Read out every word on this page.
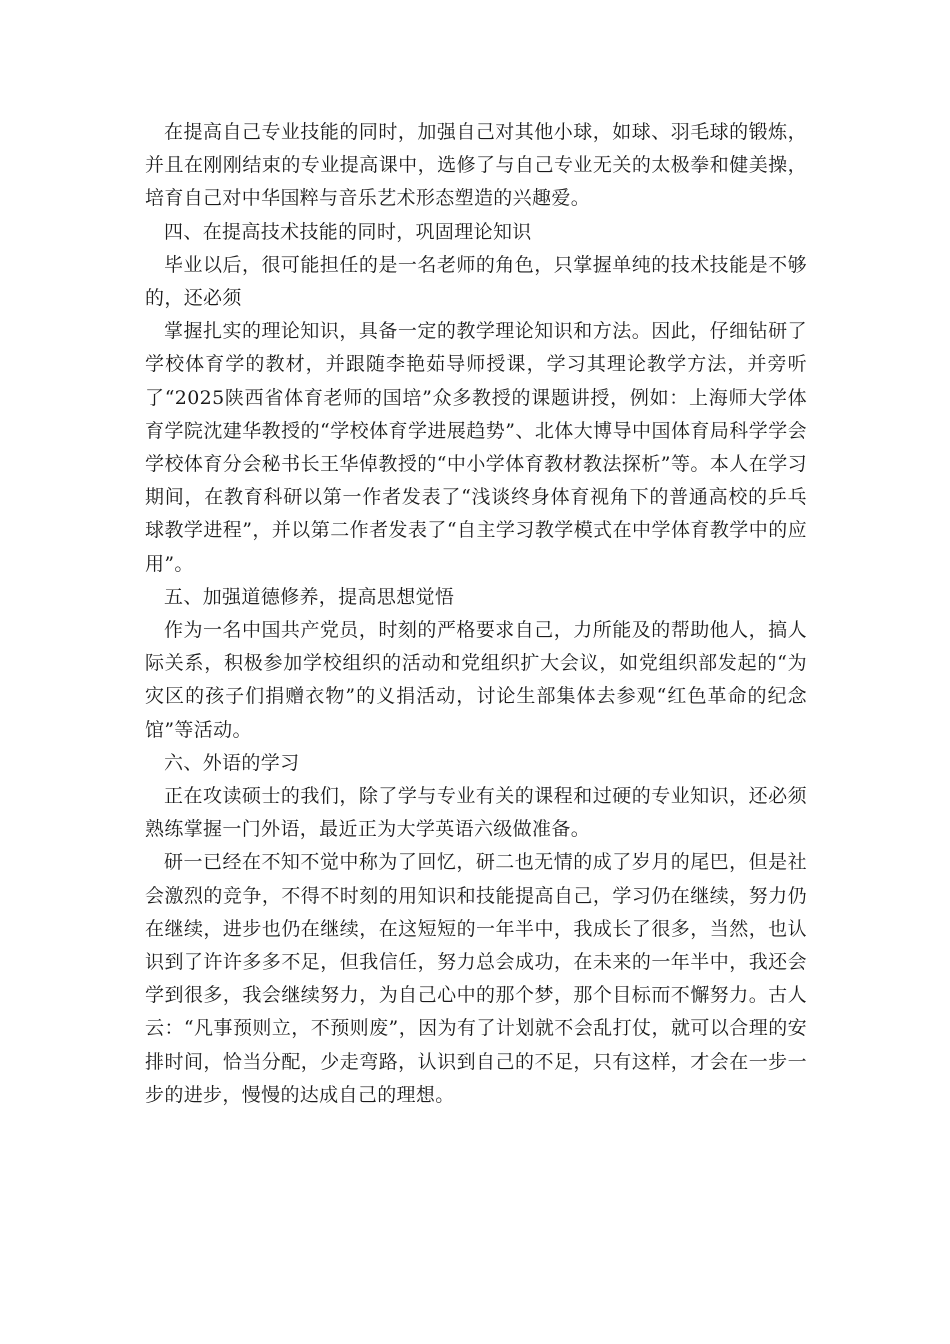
在提高自己专业技能的同时，加强自己对其他小球，如球、羽毛球的锻炼，并且在刚刚结束的专业提高课中，选修了与自己专业无关的太极拳和健美操，培育自己对中华国粹与音乐艺术形态塑造的兴趣爱。

四、在提高技术技能的同时，巩固理论知识

毕业以后，很可能担任的是一名老师的角色，只掌握单纯的技术技能是不够的，还必须

掌握扎实的理论知识，具备一定的教学理论知识和方法。因此，仔细钻研了学校体育学的教材，并跟随李艳茹导师授课，学习其理论教学方法，并旁听了“2025陕西省体育老师的国培”众多教授的课题讲授，例如：上海师大学体育学院沈建华教授的“学校体育学进展趋势”、北体大博导中国体育局科学学会学校体育分会秘书长王华倬教授的“中小学体育教材教法探析”等。本人在学习期间，在教育科研以第一作者发表了“浅谈终身体育视角下的普通高校的乒乓球教学进程”，并以第二作者发表了“自主学习教学模式在中学体育教学中的应用”。

五、加强道德修养，提高思想觉悟

作为一名中国共产党员，时刻的严格要求自己，力所能及的帮助他人，搞人际关系，积极参加学校组织的活动和党组织扩大会议，如党组织部发起的“为灾区的孩子们捐赠衣物”的义捐活动，讨论生部集体去参观“红色革命的纪念馆”等活动。

六、外语的学习

正在攻读硕士的我们，除了学与专业有关的课程和过硬的专业知识，还必须熟练掌握一门外语，最近正为大学英语六级做准备。

研一已经在不知不觉中称为了回忆，研二也无情的成了岁月的尾巴，但是社会激烈的竞争，不得不时刻的用知识和技能提高自己，学习仍在继续，努力仍在继续，进步也仍在继续，在这短短的一年半中，我成长了很多，当然，也认识到了许许多多不足，但我信任，努力总会成功，在未来的一年半中，我还会学到很多，我会继续努力，为自己心中的那个梦，那个目标而不懈努力。古人云：“凡事预则立，不预则废”，因为有了计划就不会乱打仗，就可以合理的安排时间，恰当分配，少走弯路，认识到自己的不足，只有这样，才会在一步一步的进步，慢慢的达成自己的理想。
